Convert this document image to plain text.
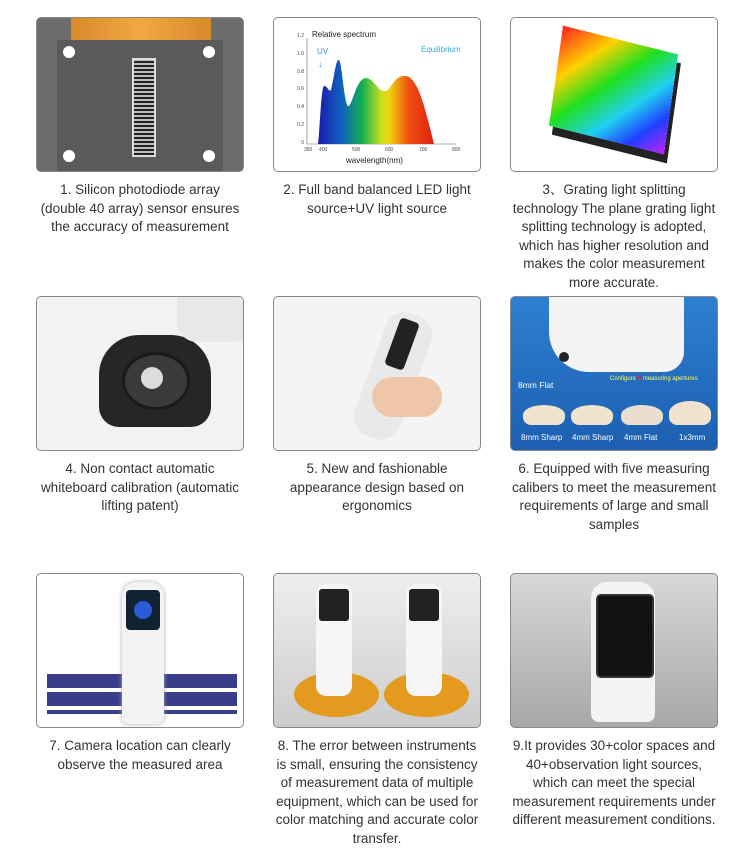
1. Silicon photodiode array (double 40 array) sensor ensures the accuracy of measurement
Relative spectrum
UV
↓
Equilibrium
wavelength(nm)
0
0.2
0.4
0.6
0.8
1.0
1.2
350 400	500	600	700	800
2. Full band balanced LED light source+UV light source
3、Grating light splitting technology The plane grating light splitting technology is adopted, which has higher resolution and makes the color measurement more accurate.
4. Non contact automatic whiteboard calibration (automatic lifting patent)
5. New and fashionable appearance design based on ergonomics
8mm Flat
Configure 5 measuring apertures
8mm Sharp 4mm Sharp 4mm Flat	1x3mm
6. Equipped with five measuring calibers to meet the measurement requirements of large and small samples
7. Camera location can clearly observe the measured area
8. The error between instruments is small, ensuring the consistency of measurement data of multiple equipment, which can be used for color matching and accurate color transfer.
9.It provides 30+color spaces and 40+observation light sources, which can meet the special measurement requirements under different measurement conditions.
